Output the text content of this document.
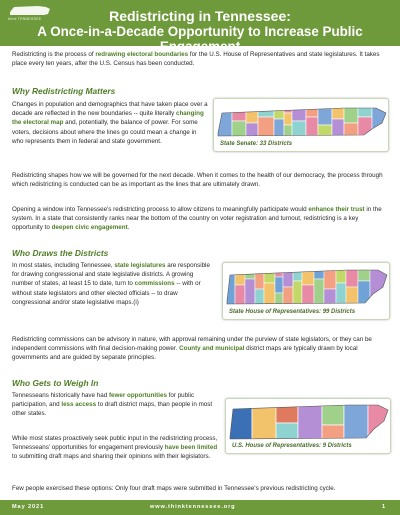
think TENNESSEE	Redistricting in Tennessee:
A Once-in-a-Decade Opportunity to Increase Public Engagement

Redistricting is the process of redrawing electoral boundaries for the U.S. House of Representatives and state legislatures. It takes place every ten years, after the U.S. Census has been conducted.

Why Redistricting Matters

Changes in population and demographics that have taken place over a decade are reflected in the new boundaries -- quite literally changing the electoral map and, potentially, the balance of power. For some voters, decisions about where the lines go could mean a change in who represents them in federal and state government.	State Senate: 33 Districts

Redistricting shapes how we will be governed for the next decade. When it comes to the health of our democracy, the process through which redistricting is conducted can be as important as the lines that are ultimately drawn.

Opening a window into Tennessee's redistricting process to allow citizens to meaningfully participate would enhance their trust in the system. In a state that consistently ranks near the bottom of the country on voter registration and turnout, redistricting is a key opportunity to deepen civic engagement.

Who Draws the Districts

In most states, including Tennessee, state legislatures are responsible for drawing congressional and state legislative districts. A growing number of states, at least 15 to date, turn to commissions -- with or without state legislators and other elected officials -- to draw congressional and/or state legislative maps.(i)

State House of Representatives: 99 Districts

Redistricting commissions can be advisory in nature, with approval remaining under the purview of state legislators, or they can be independent commissions with final decision-making power. County and municipal district maps are typically drawn by local governments and are guided by separate principles.

Who Gets to Weigh In

Tennesseans historically have had fewer opportunities for public participation, and less access to draft district maps, than people in most other states.

While most states proactively seek public input in the redistricting process, Tennesseans' opportunities for engagement previously have been limited to submitting draft maps and sharing their opinions with their legislators.

U.S. House of Representatives: 9 Districts

Few people exercised these options: Only four draft maps were submitted in Tennessee's previous redistricting cycle.

May 2021	www.thinktennessee.org	1
